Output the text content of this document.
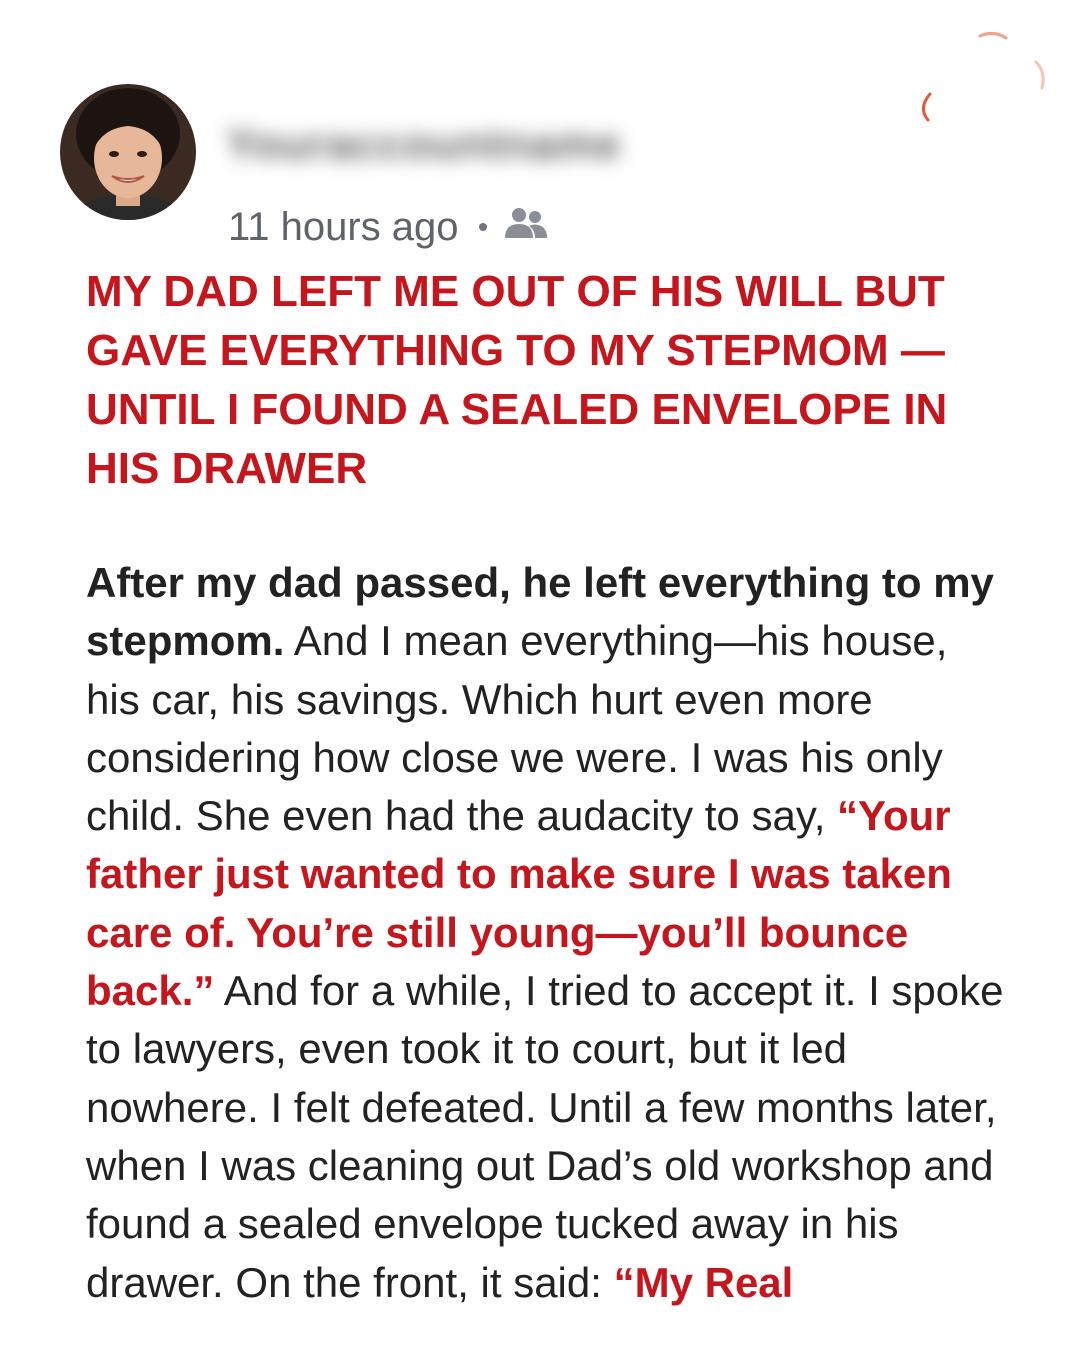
Youraccountname
11 hours ago
MY DAD LEFT ME OUT OF HIS WILL BUT GAVE EVERYTHING TO MY STEPMOM — UNTIL I FOUND A SEALED ENVELOPE IN HIS DRAWER

After my dad passed, he left everything to my stepmom. And I mean everything—his house, his car, his savings. Which hurt even more considering how close we were. I was his only child. She even had the audacity to say, “Your father just wanted to make sure I was taken care of. You’re still young—you’ll bounce back.” And for a while, I tried to accept it. I spoke to lawyers, even took it to court, but it led nowhere. I felt defeated. Until a few months later, when I was cleaning out Dad’s old workshop and found a sealed envelope tucked away in his drawer. On the front, it said: “My Real
